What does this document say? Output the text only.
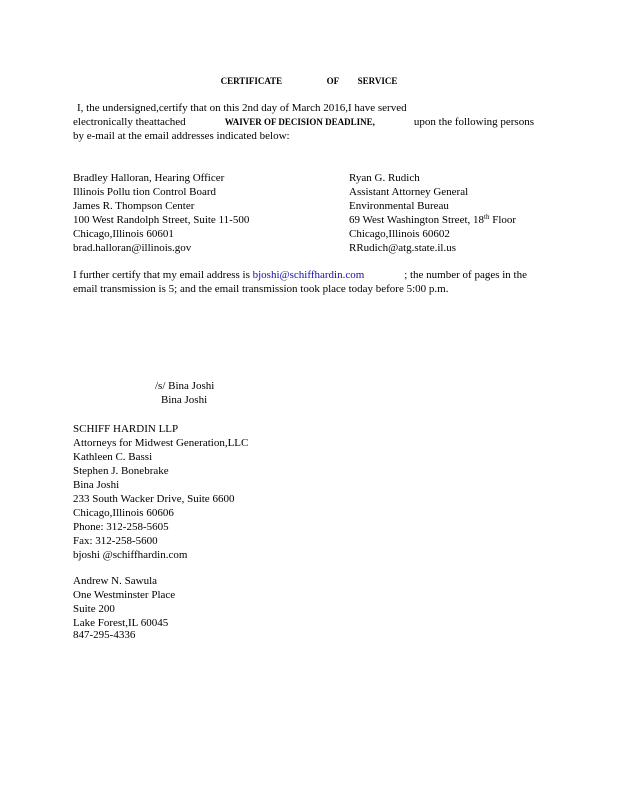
CERTIFICATE	OF SERVICE
I, the undersigned,certify that on this 2nd day of March 2016,I have served
electronically theattached	WAIVER OF DECISION DEADLINE,	upon the following persons
by e-mail at the email addresses indicated below:
Bradley Halloran, Hearing Officer
Illinois Pollu tion Control Board
James R. Thompson Center
100 West Randolph Street, Suite 11-500
Chicago,Illinois 60601
brad.halloran@illinois.gov
Ryan G. Rudich
Assistant Attorney General
Environmental Bureau
69 West Washington Street, 18th Floor
Chicago,Illinois 60602
RRudich@atg.state.il.us
I further certify that my email address is bjoshi@schiffhardin.com	; the number of pages in the
email transmission is 5; and the email transmission took place today before 5:00 p.m.
/s/ Bina Joshi
Bina Joshi
SCHIFF HARDIN LLP
Attorneys for Midwest Generation,LLC
Kathleen C. Bassi
Stephen J. Bonebrake
Bina Joshi
233 South Wacker Drive, Suite 6600
Chicago,Illinois 60606
Phone: 312-258-5605
Fax: 312-258-5600
bjoshi @schiffhardin.com
Andrew N. Sawula
One Westminster Place
Suite 200
Lake Forest,IL 60045
847-295-4336
